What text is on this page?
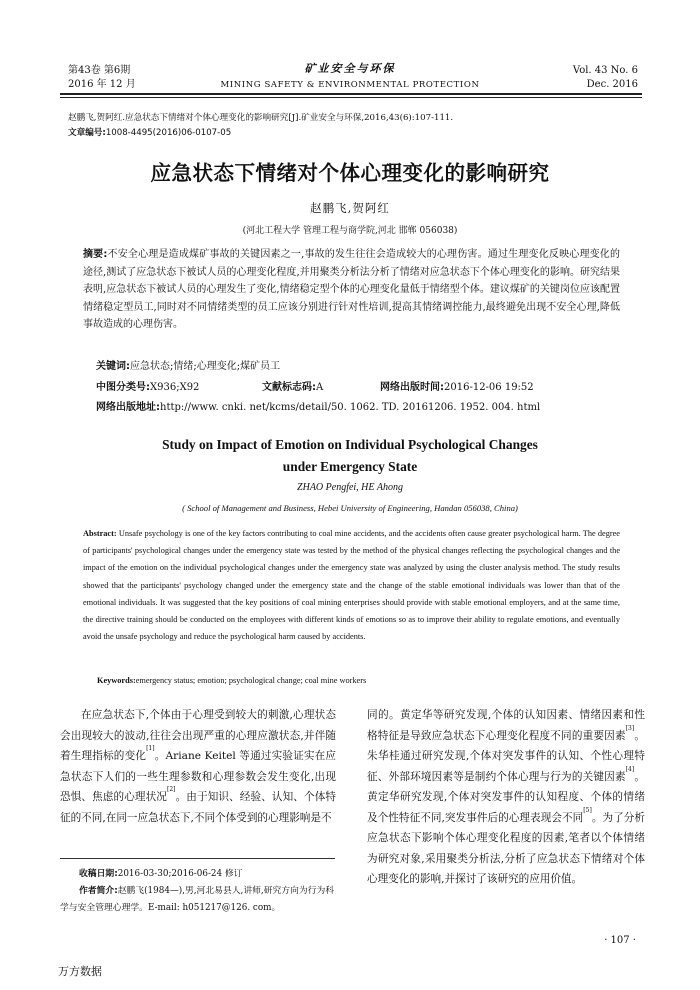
第43卷 第6期
2016 年 12 月
矿业安全与环保
MINING SAFETY & ENVIRONMENTAL PROTECTION
Vol. 43 No. 6
Dec. 2016
赵鹏飞,贺阿红.应急状态下情绪对个体心理变化的影响研究[J].矿业安全与环保,2016,43(6):107-111.
文章编号:1008-4495(2016)06-0107-05
应急状态下情绪对个体心理变化的影响研究
赵鹏飞,贺阿红
(河北工程大学 管理工程与商学院,河北 邯郸 056038)
摘要:不安全心理是造成煤矿事故的关键因素之一,事故的发生往往会造成较大的心理伤害。通过生理变化反映心理变化的途径,测试了应急状态下被试人员的心理变化程度,并用聚类分析法分析了情绪对应急状态下个体心理变化的影响。研究结果表明,应急状态下被试人员的心理发生了变化,情绪稳定型个体的心理变化量低于情绪型个体。建议煤矿的关键岗位应该配置情绪稳定型员工,同时对不同情绪类型的员工应该分别进行针对性培训,提高其情绪调控能力,最终避免出现不安全心理,降低事故造成的心理伤害。
关键词:应急状态;情绪;心理变化;煤矿员工
中图分类号:X936;X92	文献标志码:A	网络出版时间:2016-12-06 19:52
网络出版地址:http://www. cnki. net/kcms/detail/50. 1062. TD. 20161206. 1952. 004. html
Study on Impact of Emotion on Individual Psychological Changes
under Emergency State
ZHAO Pengfei, HE Ahong
( School of Management and Business, Hebei University of Engineering, Handan 056038, China)
Abstract: Unsafe psychology is one of the key factors contributing to coal mine accidents, and the accidents often cause greater psychological harm. The degree of participants' psychological changes under the emergency state was tested by the method of the physical changes reflecting the psychological changes and the impact of the emotion on the individual psychological changes under the emergency state was analyzed by using the cluster analysis method. The study results showed that the participants' psychology changed under the emergency state and the change of the stable emotional individuals was lower than that of the emotional individuals. It was suggested that the key positions of coal mining enterprises should provide with stable emotional employers, and at the same time, the directive training should be conducted on the employees with different kinds of emotions so as to improve their ability to regulate emotions, and eventually avoid the unsafe psychology and reduce the psychological harm caused by accidents.
Keywords:emergency status; emotion; psychological change; coal mine workers
在应急状态下,个体由于心理受到较大的刺激,心理状态会出现较大的波动,往往会出现严重的心理应激状态,并伴随着生理指标的变化[1]。Ariane Keitel 等通过实验证实在应急状态下人们的一些生理参数和心理参数会发生变化,出现恐惧、焦虑的心理状况[2]。由于知识、经验、认知、个体特征的不同,在同一应急状态下,不同个体受到的心理影响是不
同的。黄定华等研究发现,个体的认知因素、情绪因素和性格特征是导致应急状态下心理变化程度不同的重要因素[3]。朱华桂通过研究发现,个体对突发事件的认知、个性心理特征、外部环境因素等是制约个体心理与行为的关键因素[4]。黄定华研究发现,个体对突发事件的认知程度、个体的情绪及个性特征不同,突发事件后的心理表现会不同[5]。为了分析应急状态下影响个体心理变化程度的因素,笔者以个体情绪为研究对象,采用聚类分析法,分析了应急状态下情绪对个体心理变化的影响,并探讨了该研究的应用价值。
收稿日期:2016-03-30;2016-06-24 修订
作者简介:赵鹏飞(1984—),男,河北易县人,讲师,研究方向为行为科学与安全管理心理学。E-mail: h051217@126. com。
· 107 ·
万方数据
